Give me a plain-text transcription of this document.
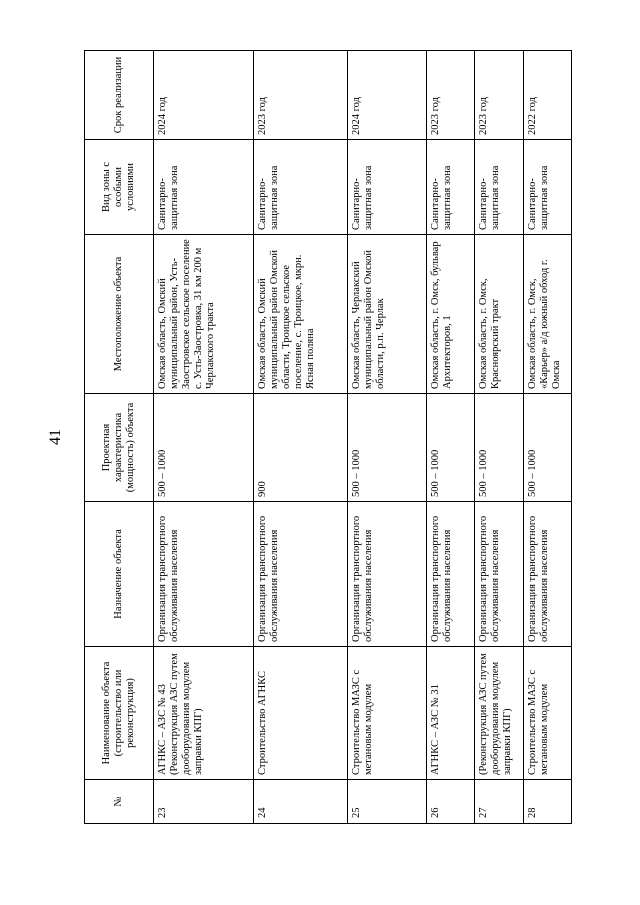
41
№	Наименование объекта (строительство или реконструкция)	Назначение объекта	Проектная характеристика (мощность) объекта	Местоположение объекта	Вид зоны с особыми условиями	Срок реализации
23	АГНКС – АЗС № 43 (Реконструкция АЗС путем дооборудования модулем заправки КПГ)	Организация транспортного обслуживания населения	500 – 1000	Омская область, Омский муниципальный район, Усть-Заостровское сельское поселение с. Усть-Заостровка, 31 км 200 м Черлакского тракта	Санитарно-защитная зона	2024 год
24	Строительство АГНКС	Организация транспортного обслуживания населения	900	Омская область, Омский муниципальный район Омской области, Троицкое сельское поселение, с. Троицкое, мкрн. Ясная поляна	Санитарно-защитная зона	2023 год
25	Строительство МАЗС с метановым модулем	Организация транспортного обслуживания населения	500 – 1000	Омская область, Черлакский муниципальный район Омской области, р.п. Черлак	Санитарно-защитная зона	2024 год
26	АГНКС – АЗС № 31	Организация транспортного обслуживания населения	500 – 1000	Омская область, г. Омск, бульвар Архитекторов, 1	Санитарно-защитная зона	2023 год
27	(Реконструкция АЗС путем дооборудования модулем заправки КПГ)	Организация транспортного обслуживания населения	500 – 1000	Омская область, г. Омск, Красноярский тракт	Санитарно-защитная зона	2023 год
28	Строительство МАЗС с метановым модулем	Организация транспортного обслуживания населения	500 – 1000	Омская область, г. Омск, «Карьер» а/д южный обход г. Омска	Санитарно-защитная зона	2022 год
